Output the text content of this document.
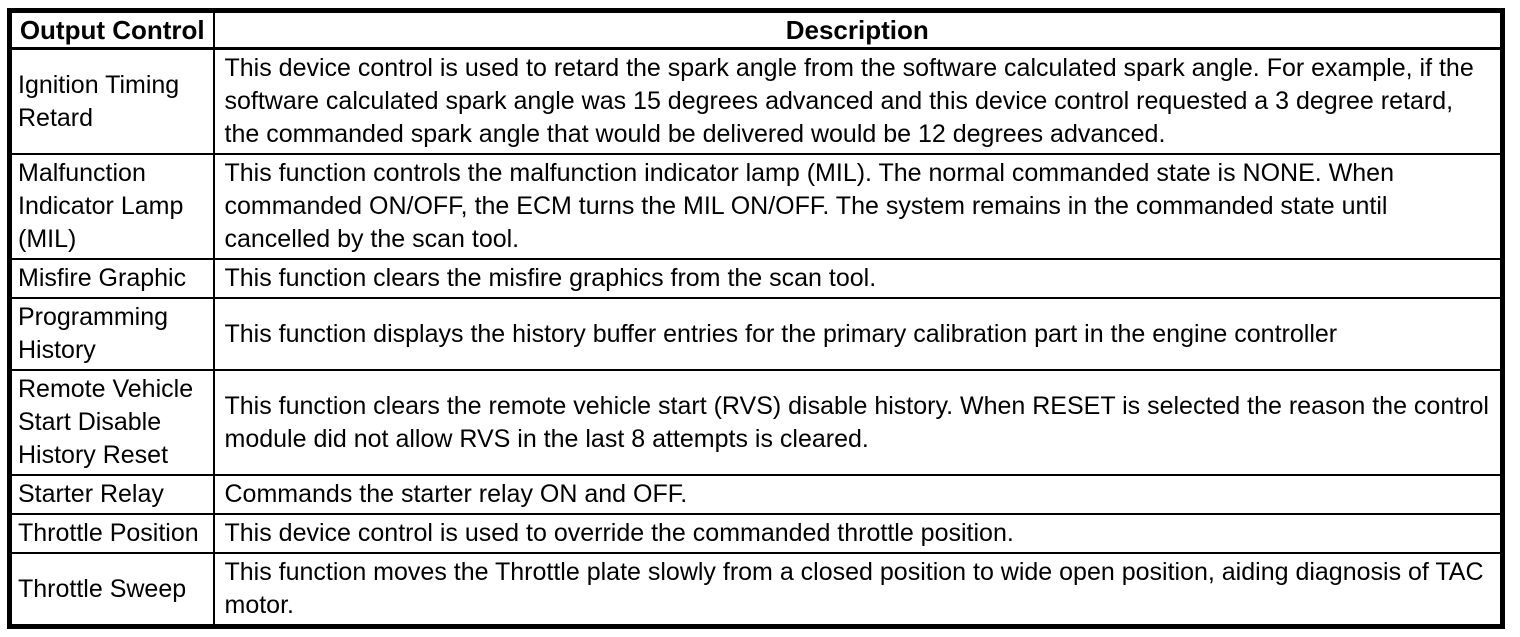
Output Control	Description
Ignition Timing Retard	This device control is used to retard the spark angle from the software calculated spark angle. For example, if the software calculated spark angle was 15 degrees advanced and this device control requested a 3 degree retard, the commanded spark angle that would be delivered would be 12 degrees advanced.
Malfunction Indicator Lamp (MIL)	This function controls the malfunction indicator lamp (MIL). The normal commanded state is NONE. When commanded ON/OFF, the ECM turns the MIL ON/OFF. The system remains in the commanded state until cancelled by the scan tool.
Misfire Graphic	This function clears the misfire graphics from the scan tool.
Programming History	This function displays the history buffer entries for the primary calibration part in the engine controller
Remote Vehicle Start Disable History Reset	This function clears the remote vehicle start (RVS) disable history. When RESET is selected the reason the control module did not allow RVS in the last 8 attempts is cleared.
Starter Relay	Commands the starter relay ON and OFF.
Throttle Position	This device control is used to override the commanded throttle position.
Throttle Sweep	This function moves the Throttle plate slowly from a closed position to wide open position, aiding diagnosis of TAC motor.
